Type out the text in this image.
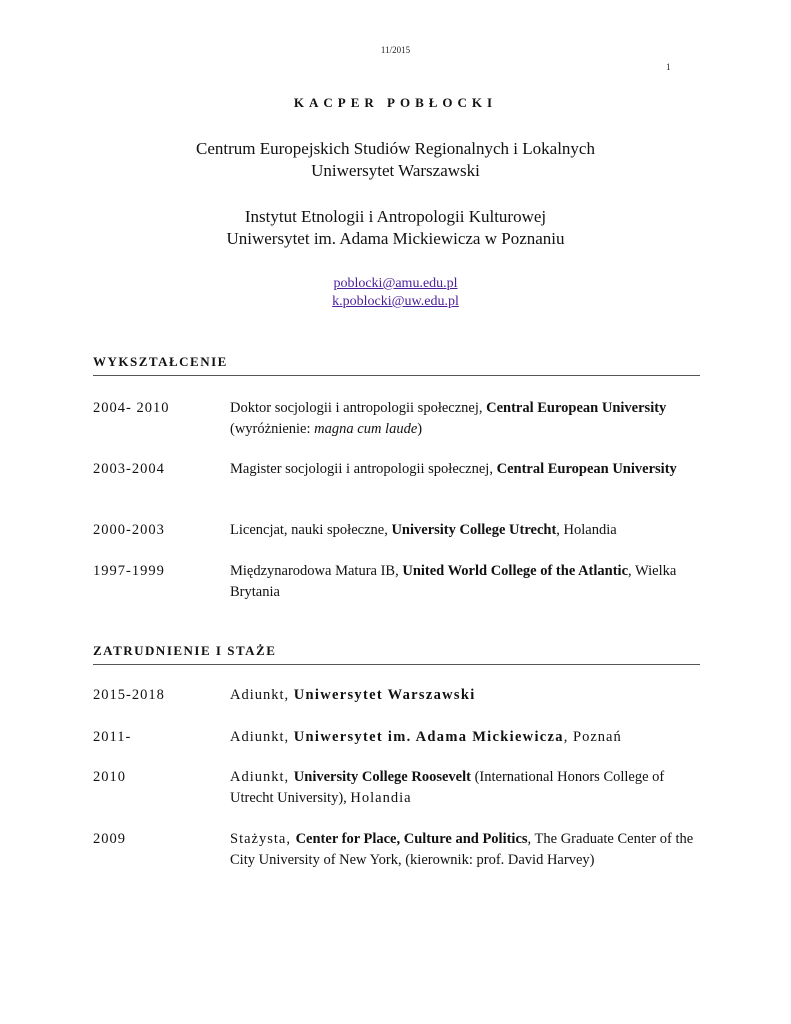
11/2015
1
KACPER POBŁOCKI
Centrum Europejskich Studiów Regionalnych i Lokalnych
Uniwersytet Warszawski
Instytut Etnologii i Antropologii Kulturowej
Uniwersytet im. Adama Mickiewicza w Poznaniu
poblocki@amu.edu.pl
k.poblocki@uw.edu.pl
WYKSZTAŁCENIE
2004- 2010	Doktor socjologii i antropologii społecznej, Central European University
(wyróżnienie: magna cum laude)
2003-2004	Magister socjologii i antropologii społecznej, Central European University
2000-2003	Licencjat, nauki społeczne, University College Utrecht, Holandia
1997-1999	Międzynarodowa Matura IB, United World College of the Atlantic, Wielka Brytania
ZATRUDNIENIE I STAŻE
2015-2018	Adiunkt, Uniwersytet Warszawski
2011-	Adiunkt, Uniwersytet im. Adama Mickiewicza, Poznań
2010	Adiunkt, University College Roosevelt (International Honors College of Utrecht University), Holandia
2009	Stażysta, Center for Place, Culture and Politics, The Graduate Center of the City University of New York, (kierownik: prof. David Harvey)
